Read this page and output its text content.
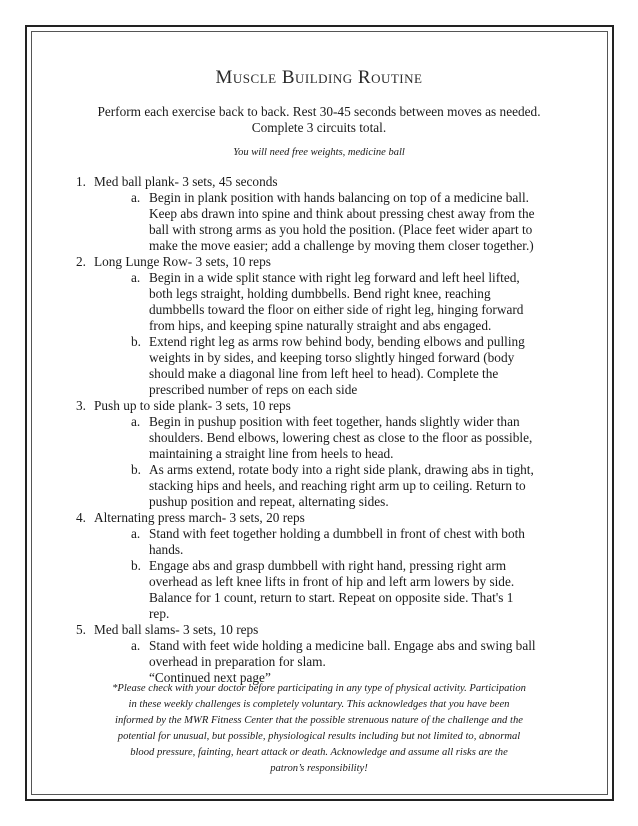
Muscle Building Routine
Perform each exercise back to back. Rest 30-45 seconds between moves as needed.
Complete 3 circuits total.
You will need free weights, medicine ball
1. Med ball plank- 3 sets, 45 seconds
a. Begin in plank position with hands balancing on top of a medicine ball.
Keep abs drawn into spine and think about pressing chest away from the
ball with strong arms as you hold the position. (Place feet wider apart to
make the move easier; add a challenge by moving them closer together.)
2. Long Lunge Row- 3 sets, 10 reps
a. Begin in a wide split stance with right leg forward and left heel lifted,
both legs straight, holding dumbbells. Bend right knee, reaching
dumbbells toward the floor on either side of right leg, hinging forward
from hips, and keeping spine naturally straight and abs engaged.
b. Extend right leg as arms row behind body, bending elbows and pulling
weights in by sides, and keeping torso slightly hinged forward (body
should make a diagonal line from left heel to head). Complete the
prescribed number of reps on each side
3. Push up to side plank- 3 sets, 10 reps
a. Begin in pushup position with feet together, hands slightly wider than
shoulders. Bend elbows, lowering chest as close to the floor as possible,
maintaining a straight line from heels to head.
b. As arms extend, rotate body into a right side plank, drawing abs in tight,
stacking hips and heels, and reaching right arm up to ceiling. Return to
pushup position and repeat, alternating sides.
4. Alternating press march- 3 sets, 20 reps
a. Stand with feet together holding a dumbbell in front of chest with both
hands.
b. Engage abs and grasp dumbbell with right hand, pressing right arm
overhead as left knee lifts in front of hip and left arm lowers by side.
Balance for 1 count, return to start. Repeat on opposite side. That's 1
rep.
5. Med ball slams- 3 sets, 10 reps
a. Stand with feet wide holding a medicine ball. Engage abs and swing ball
overhead in preparation for slam.
“Continued next page”
*Please check with your doctor before participating in any type of physical activity. Participation
in these weekly challenges is completely voluntary. This acknowledges that you have been
informed by the MWR Fitness Center that the possible strenuous nature of the challenge and the
potential for unusual, but possible, physiological results including but not limited to, abnormal
blood pressure, fainting, heart attack or death. Acknowledge and assume all risks are the
patron’s responsibility!
